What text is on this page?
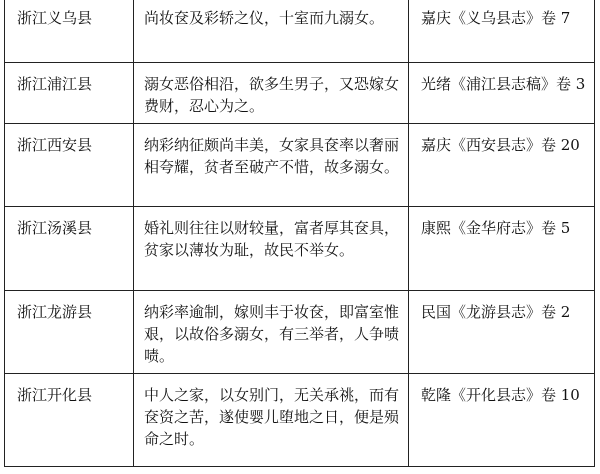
浙江义乌县	尚妆奁及彩轿之仪，十室而九溺女。	嘉庆《义乌县志》卷 7
浙江浦江县	溺女恶俗相沿，欲多生男子，又恐嫁女费财，忍心为之。	光绪《浦江县志稿》卷 3
浙江西安县	纳彩纳征颇尚丰美，女家具奁率以奢丽相夸耀，贫者至破产不惜，故多溺女。	嘉庆《西安县志》卷 20
浙江汤溪县	婚礼则往往以财较量，富者厚其奁具，贫家以薄妆为耻，故民不举女。	康熙《金华府志》卷 5
浙江龙游县	纳彩率逾制，嫁则丰于妆奁，即富室惟艰，以故俗多溺女，有三举者，人争啧啧。	民国《龙游县志》卷 2
浙江开化县	中人之家，以女别门，无关承祧，而有奁资之苦，遂使婴儿堕地之日，便是殒命之时。	乾隆《开化县志》卷 10
